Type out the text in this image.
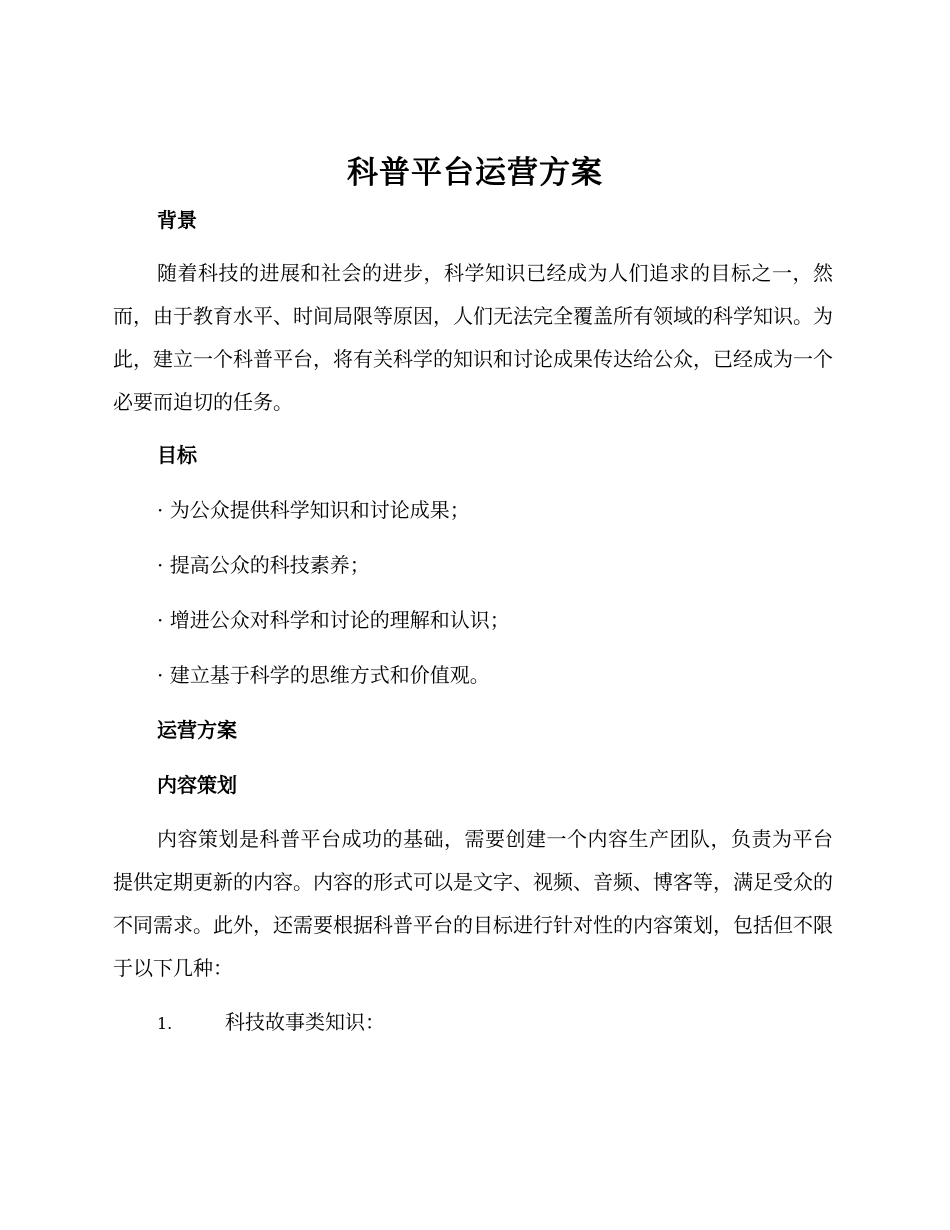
科普平台运营方案
背景

随着科技的进展和社会的进步，科学知识已经成为人们追求的目标之一，然而，由于教育水平、时间局限等原因，人们无法完全覆盖所有领域的科学知识。为此，建立一个科普平台，将有关科学的知识和讨论成果传达给公众，已经成为一个必要而迫切的任务。

目标
· 为公众提供科学知识和讨论成果；
· 提高公众的科技素养；
· 增进公众对科学和讨论的理解和认识；
· 建立基于科学的思维方式和价值观。
运营方案
内容策划

内容策划是科普平台成功的基础，需要创建一个内容生产团队，负责为平台提供定期更新的内容。内容的形式可以是文字、视频、音频、博客等，满足受众的不同需求。此外，还需要根据科普平台的目标进行针对性的内容策划，包括但不限于以下几种：

1.	科技故事类知识：
